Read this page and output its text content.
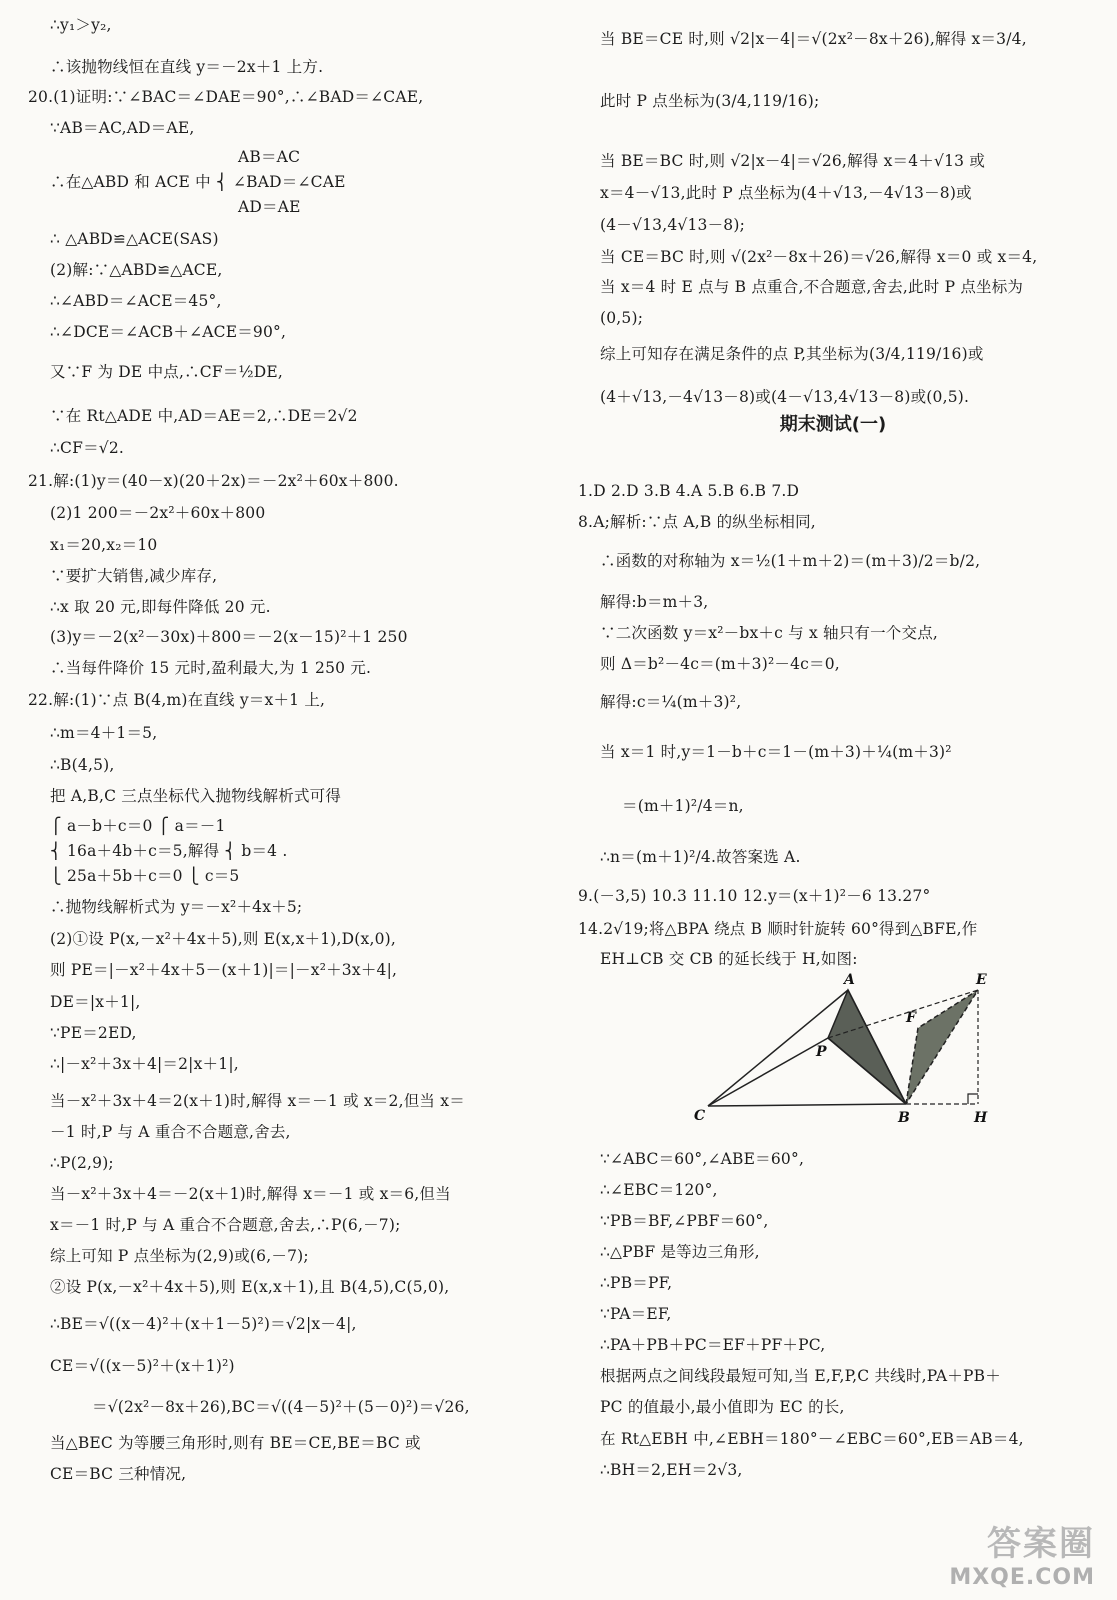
∴y₁＞y₂,
∴该抛物线恒在直线 y＝－2x＋1 上方.
20.(1)证明:∵∠BAC＝∠DAE＝90°,∴∠BAD＝∠CAE,
∵AB＝AC,AD＝AE,
AB＝AC
∴在△ABD 和 ACE 中 ⎨ ∠BAD＝∠CAE
AD＝AE
∴ △ABD≌△ACE(SAS)
(2)解:∵△ABD≌△ACE,
∴∠ABD＝∠ACE＝45°,
∴∠DCE＝∠ACB＋∠ACE＝90°,
又∵F 为 DE 中点,∴CF＝½DE,
∵在 Rt△ADE 中,AD＝AE＝2,∴DE＝2√2
∴CF＝√2.
21.解:(1)y＝(40－x)(20＋2x)＝－2x²＋60x＋800.
(2)1 200＝－2x²＋60x＋800
x₁＝20,x₂＝10
∵要扩大销售,减少库存,
∴x 取 20 元,即每件降低 20 元.
(3)y＝－2(x²－30x)＋800＝－2(x－15)²＋1 250
∴当每件降价 15 元时,盈利最大,为 1 250 元.
22.解:(1)∵点 B(4,m)在直线 y＝x＋1 上,
∴m＝4＋1＝5,
∴B(4,5),
把 A,B,C 三点坐标代入抛物线解析式可得
⎧ a－b＋c＝0 ⎧ a＝－1
⎨ 16a＋4b＋c＝5,解得 ⎨ b＝4 .
⎩ 25a＋5b＋c＝0 ⎩ c＝5
∴抛物线解析式为 y＝－x²＋4x＋5;
(2)①设 P(x,－x²＋4x＋5),则 E(x,x＋1),D(x,0),
则 PE＝|－x²＋4x＋5－(x＋1)|＝|－x²＋3x＋4|,
DE＝|x＋1|,
∵PE＝2ED,
∴|－x²＋3x＋4|＝2|x＋1|,
当－x²＋3x＋4＝2(x＋1)时,解得 x＝－1 或 x＝2,但当 x＝
－1 时,P 与 A 重合不合题意,舍去,
∴P(2,9);
当－x²＋3x＋4＝－2(x＋1)时,解得 x＝－1 或 x＝6,但当
x＝－1 时,P 与 A 重合不合题意,舍去,∴P(6,－7);
综上可知 P 点坐标为(2,9)或(6,－7);
②设 P(x,－x²＋4x＋5),则 E(x,x＋1),且 B(4,5),C(5,0),
∴BE＝√((x－4)²＋(x＋1－5)²)＝√2|x－4|,
CE＝√((x－5)²＋(x＋1)²)
＝√(2x²－8x＋26),BC＝√((4－5)²＋(5－0)²)＝√26,
当△BEC 为等腰三角形时,则有 BE＝CE,BE＝BC 或
CE＝BC 三种情况,
期末测试(一)
A	E
F
P
C	B	H
当 BE＝CE 时,则 √2|x－4|＝√(2x²－8x＋26),解得 x＝3/4,
此时 P 点坐标为(3/4,119/16);
当 BE＝BC 时,则 √2|x－4|＝√26,解得 x＝4＋√13 或
x＝4－√13,此时 P 点坐标为(4＋√13,－4√13－8)或
(4－√13,4√13－8);
当 CE＝BC 时,则 √(2x²－8x＋26)＝√26,解得 x＝0 或 x＝4,
当 x＝4 时 E 点与 B 点重合,不合题意,舍去,此时 P 点坐标为
(0,5);
综上可知存在满足条件的点 P,其坐标为(3/4,119/16)或
(4＋√13,－4√13－8)或(4－√13,4√13－8)或(0,5).
1.D 2.D 3.B 4.A 5.B 6.B 7.D
8.A;解析:∵点 A,B 的纵坐标相同,
∴函数的对称轴为 x＝½(1＋m＋2)＝(m＋3)/2＝b/2,
解得:b＝m＋3,
∵二次函数 y＝x²－bx＋c 与 x 轴只有一个交点,
则 Δ＝b²－4c＝(m＋3)²－4c＝0,
解得:c＝¼(m＋3)²,
当 x＝1 时,y＝1－b＋c＝1－(m＋3)＋¼(m＋3)²
＝(m＋1)²/4＝n,
∴n＝(m＋1)²/4.故答案选 A.
9.(－3,5) 10.3 11.10 12.y＝(x＋1)²－6 13.27°
14.2√19;将△BPA 绕点 B 顺时针旋转 60°得到△BFE,作
EH⊥CB 交 CB 的延长线于 H,如图:
∵∠ABC＝60°,∠ABE＝60°,
∴∠EBC＝120°,
∵PB＝BF,∠PBF＝60°,
∴△PBF 是等边三角形,
∴PB＝PF,
∵PA＝EF,
∴PA＋PB＋PC＝EF＋PF＋PC,
根据两点之间线段最短可知,当 E,F,P,C 共线时,PA＋PB＋
PC 的值最小,最小值即为 EC 的长,
在 Rt△EBH 中,∠EBH＝180°－∠EBC＝60°,EB＝AB＝4,
∴BH＝2,EH＝2√3,
答案圈
MXQE.COM
